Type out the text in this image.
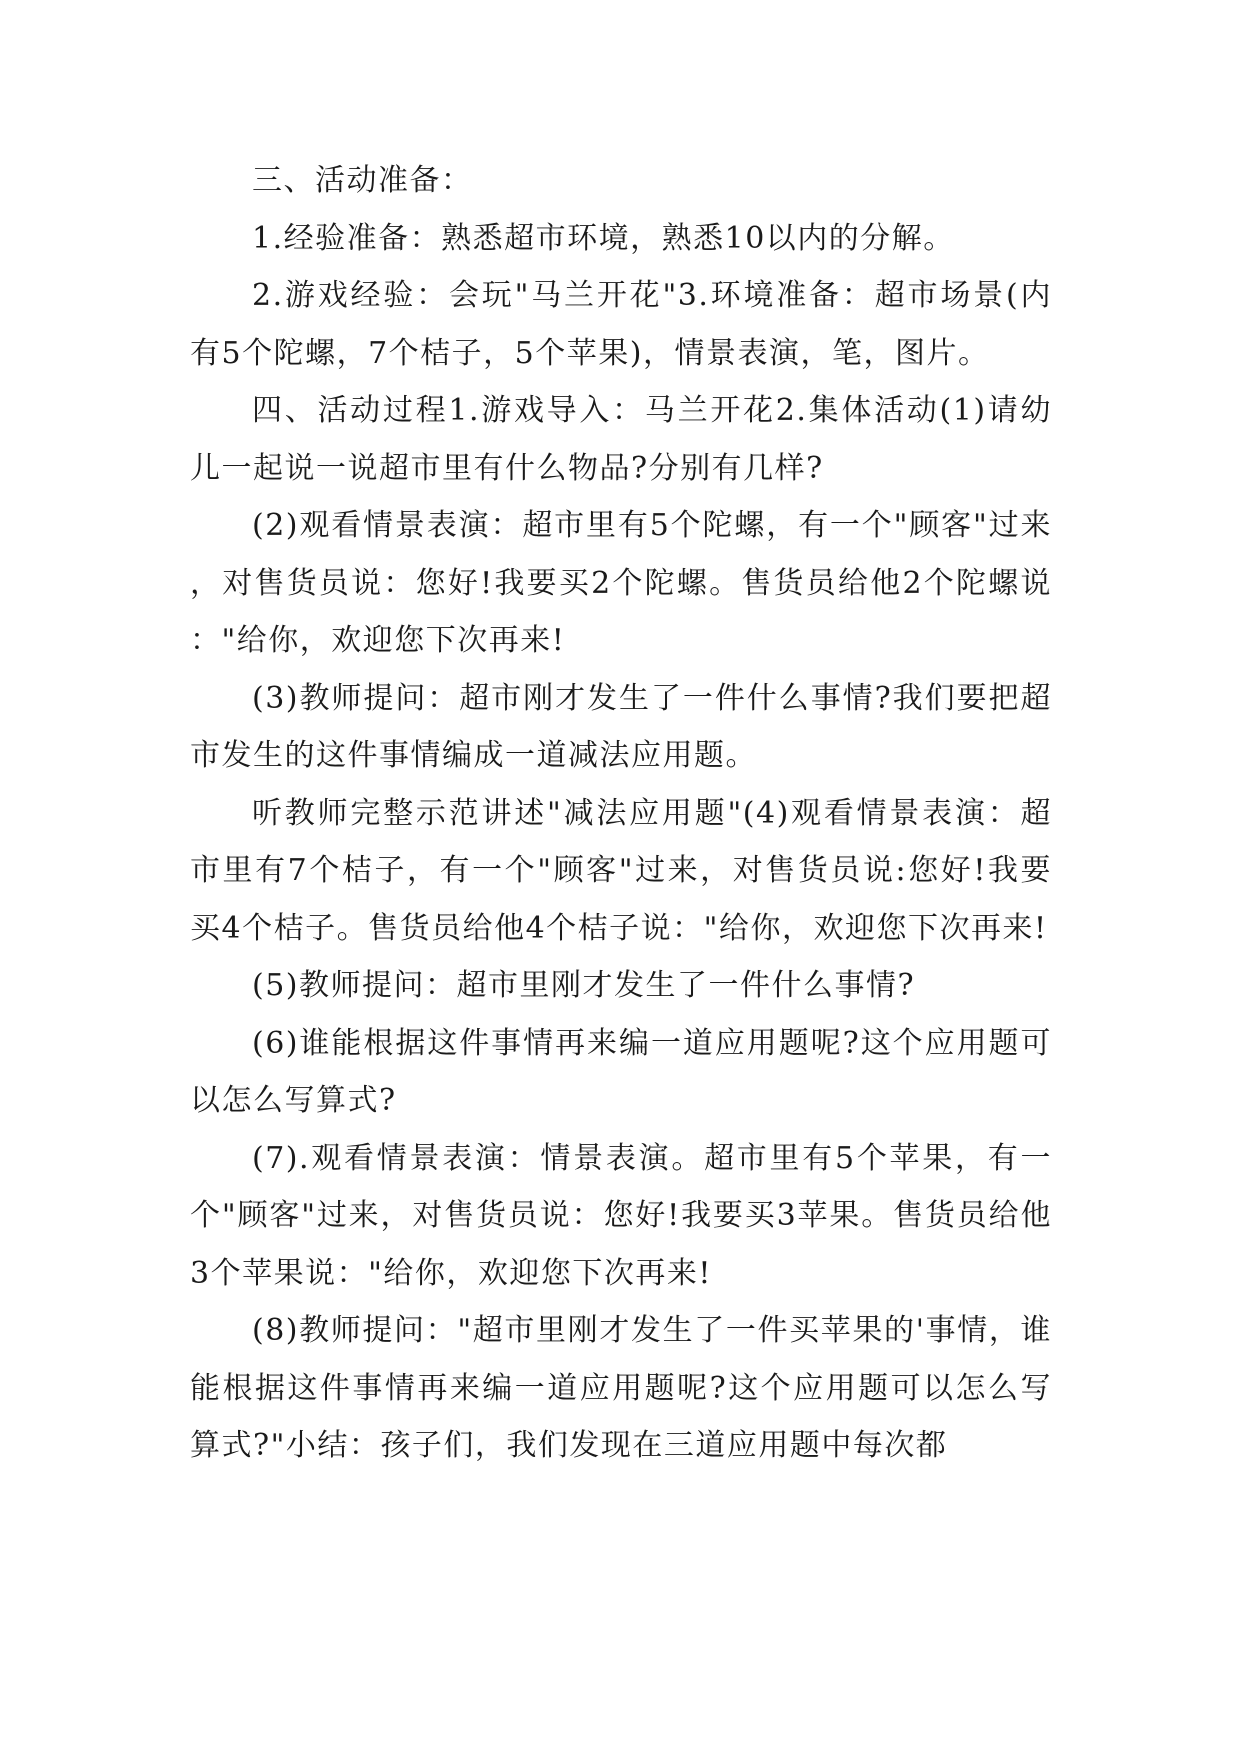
三、活动准备：

1.经验准备：熟悉超市环境，熟悉10以内的分解。

2.游戏经验：会玩"马兰开花"3.环境准备：超市场景(内有5个陀螺，7个桔子，5个苹果)，情景表演，笔，图片。

四、活动过程1.游戏导入：马兰开花2.集体活动(1)请幼儿一起说一说超市里有什么物品?分别有几样?

(2)观看情景表演：超市里有5个陀螺，有一个"顾客"过来，对售货员说：您好!我要买2个陀螺。售货员给他2个陀螺说："给你，欢迎您下次再来!

(3)教师提问：超市刚才发生了一件什么事情?我们要把超市发生的这件事情编成一道减法应用题。

听教师完整示范讲述"减法应用题"(4)观看情景表演：超市里有7个桔子，有一个"顾客"过来，对售货员说:您好!我要买4个桔子。售货员给他4个桔子说："给你，欢迎您下次再来!

(5)教师提问：超市里刚才发生了一件什么事情?

(6)谁能根据这件事情再来编一道应用题呢?这个应用题可以怎么写算式?

(7).观看情景表演：情景表演。超市里有5个苹果，有一个"顾客"过来，对售货员说：您好!我要买3苹果。售货员给他3个苹果说："给你，欢迎您下次再来!

(8)教师提问："超市里刚才发生了一件买苹果的'事情，谁能根据这件事情再来编一道应用题呢?这个应用题可以怎么写算式?"小结：孩子们，我们发现在三道应用题中每次都
